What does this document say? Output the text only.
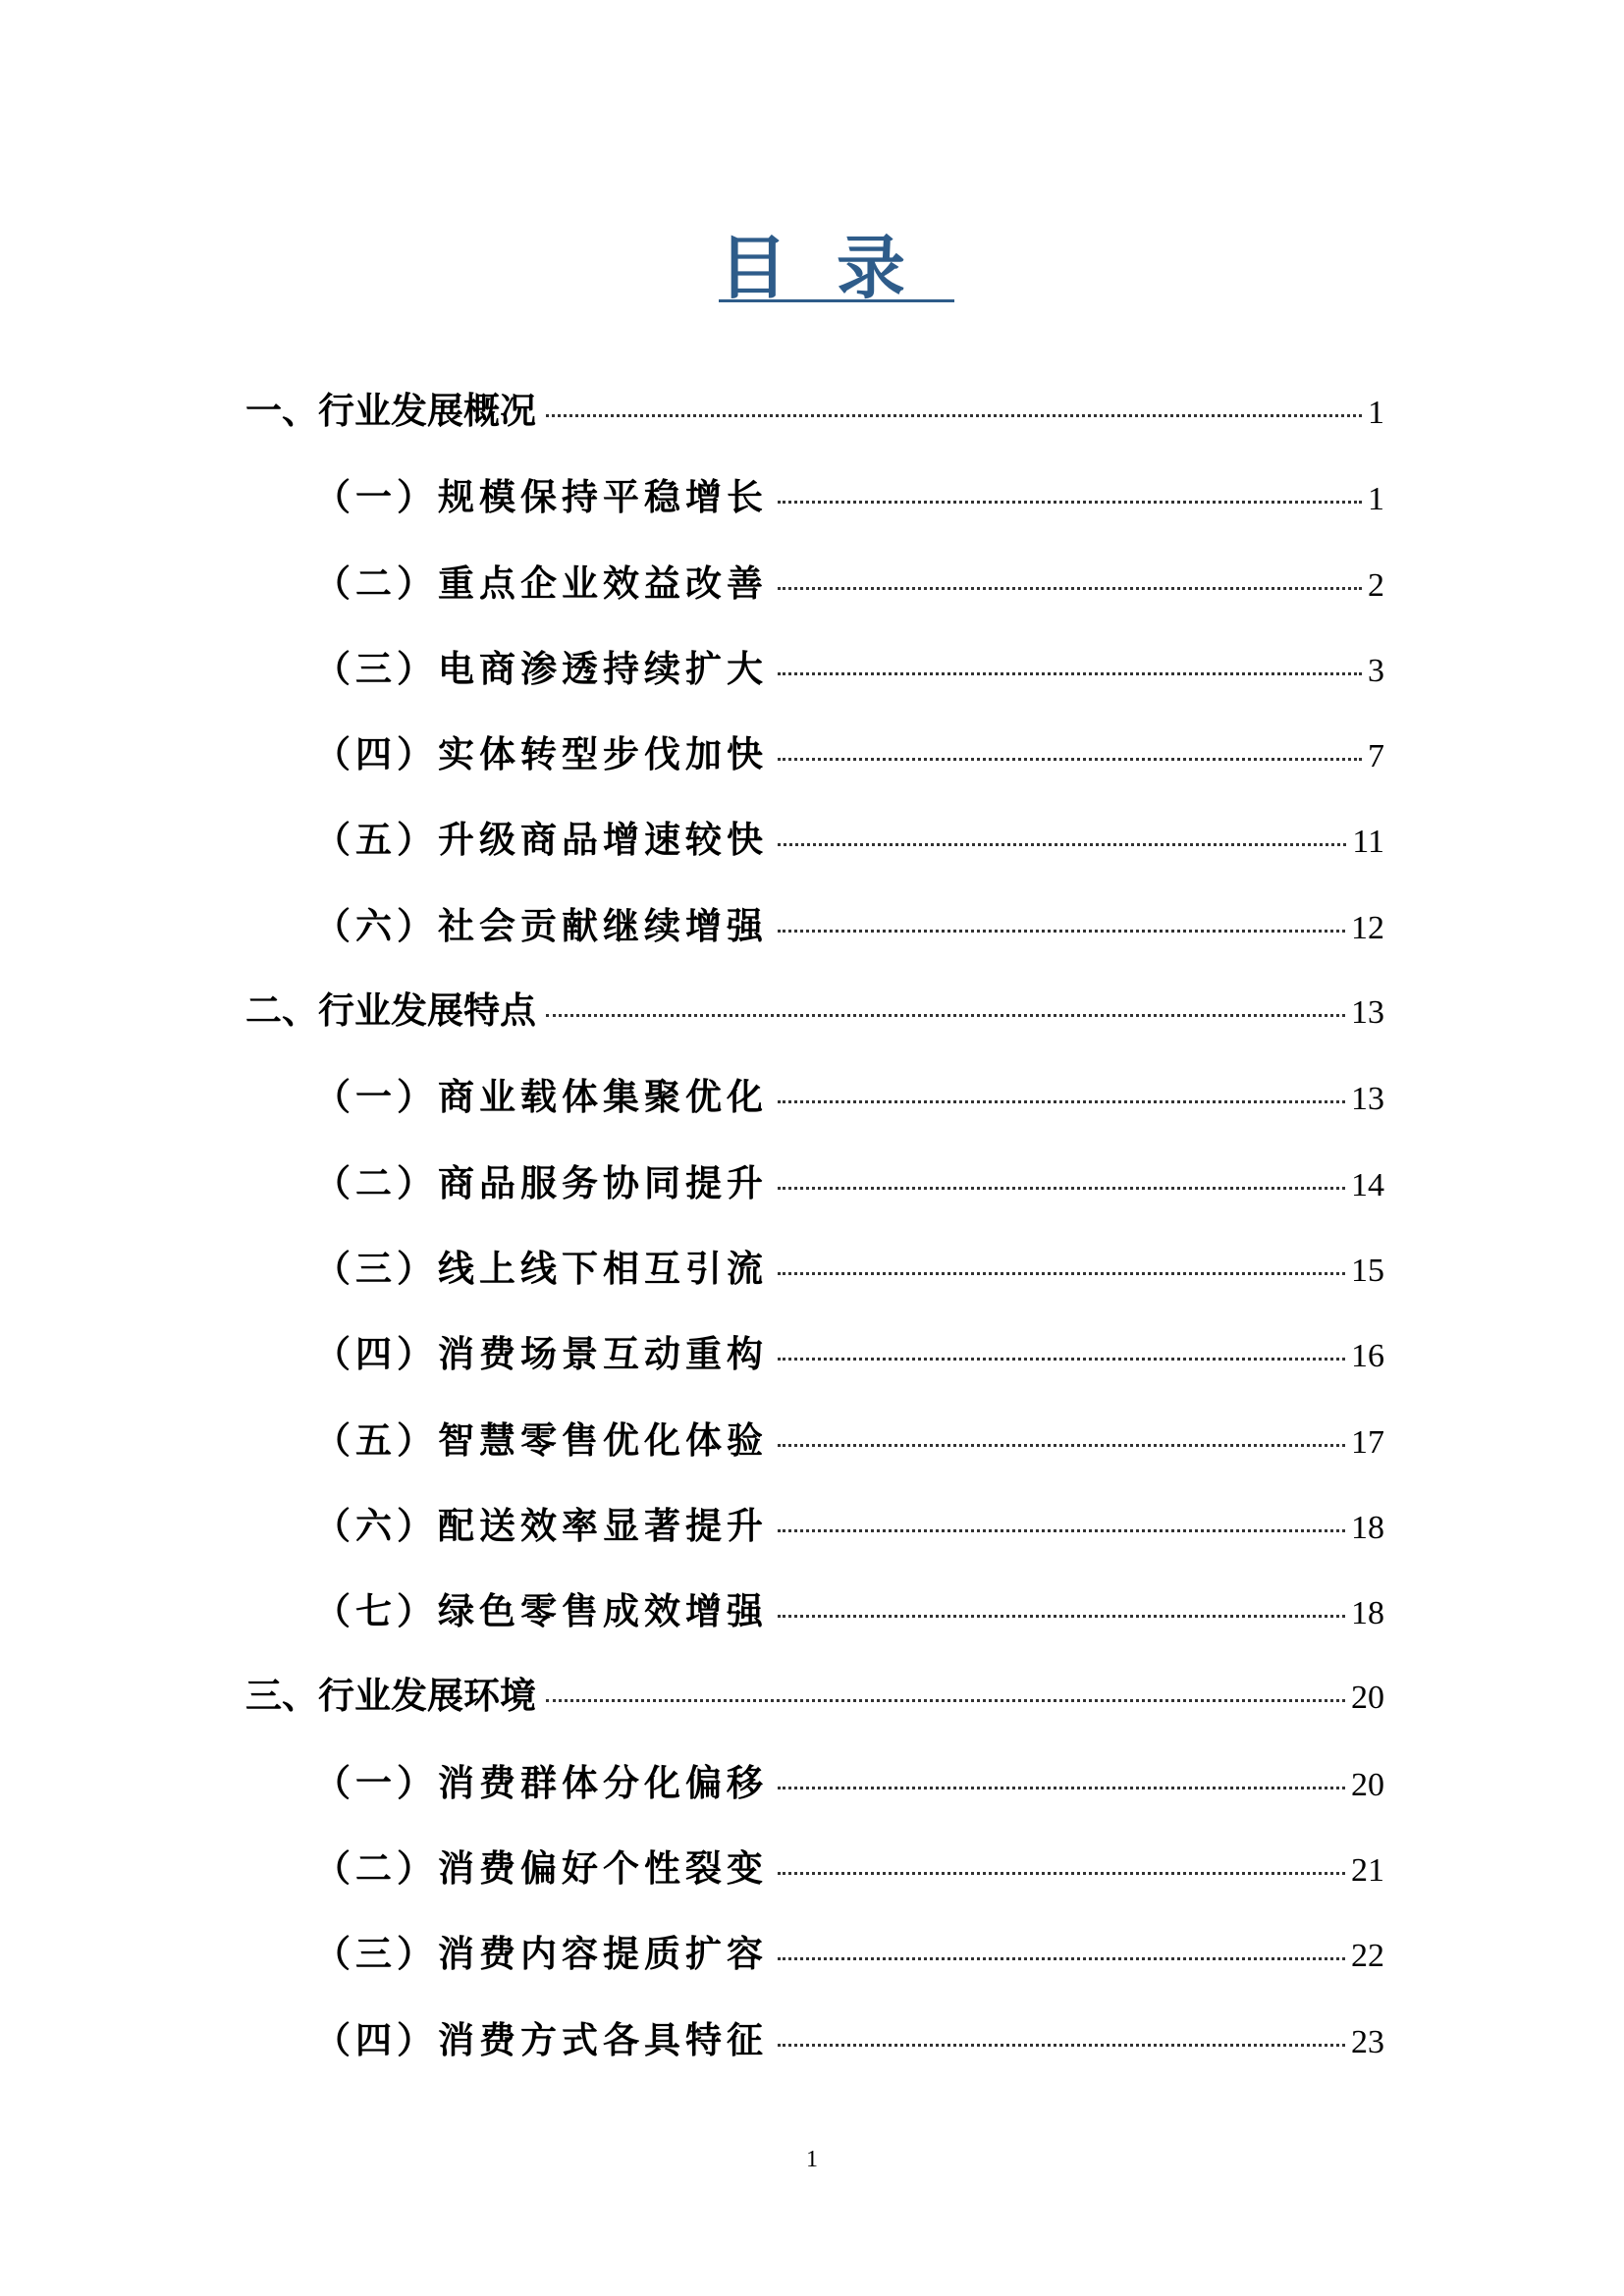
目录
一、行业发展概况	1
（一）规模保持平稳增长	1
（二）重点企业效益改善	2
（三）电商渗透持续扩大	3
（四）实体转型步伐加快	7
（五）升级商品增速较快	11
（六）社会贡献继续增强	12
二、行业发展特点	13
（一）商业载体集聚优化	13
（二）商品服务协同提升	14
（三）线上线下相互引流	15
（四）消费场景互动重构	16
（五）智慧零售优化体验	17
（六）配送效率显著提升	18
（七）绿色零售成效增强	18
三、行业发展环境	20
（一）消费群体分化偏移	20
（二）消费偏好个性裂变	21
（三）消费内容提质扩容	22
（四）消费方式各具特征	23
1
